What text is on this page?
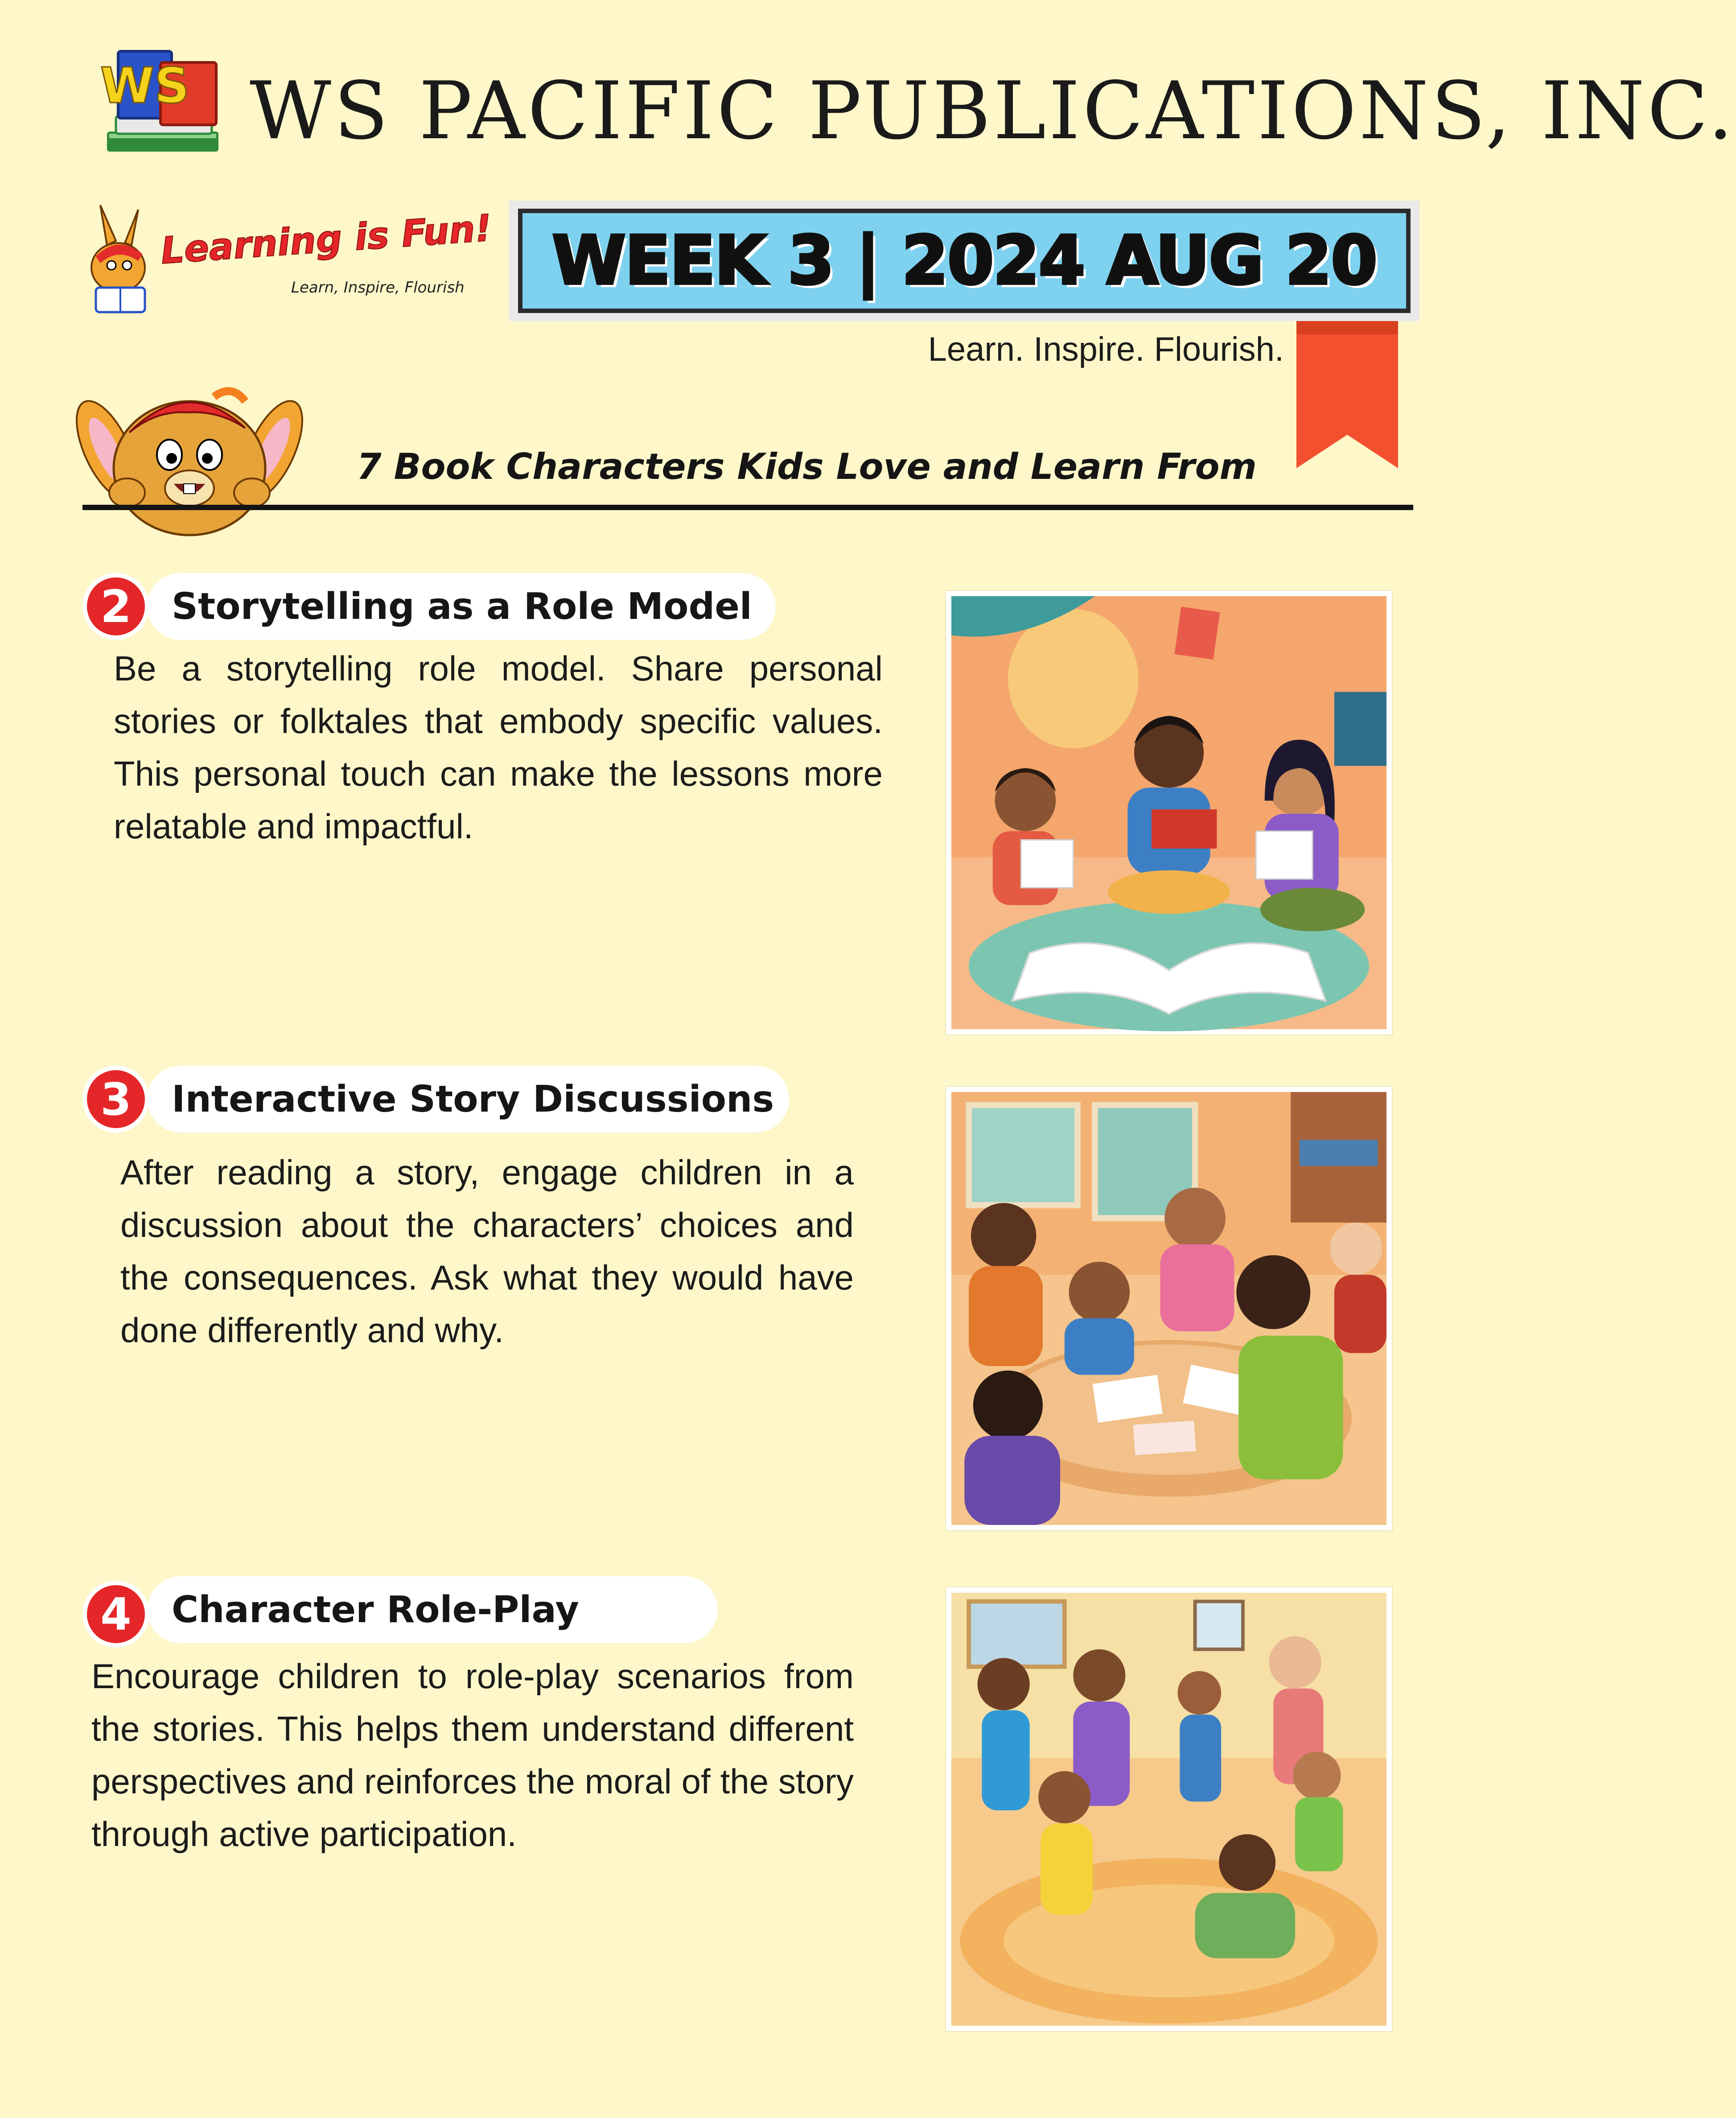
WS WS PACIFIC PUBLICATIONS, INC.
Learning is Fun!
Learn, Inspire, Flourish WEEK 3 | 2024 AUG 20
Learn. Inspire. Flourish.
7 Book Characters Kids Love and Learn From
2	Storytelling as a Role Model
Be a storytelling role model. Share personal stories or folktales that embody specific values. This personal touch can make the lessons more relatable and impactful.
3	Interactive Story Discussions
After reading a story, engage children in a discussion about the characters’ choices and the consequences. Ask what they would have done differently and why.
4	Character Role-Play
Encourage children to role-play scenarios from the stories. This helps them understand different perspectives and reinforces the moral of the story through active participation.
